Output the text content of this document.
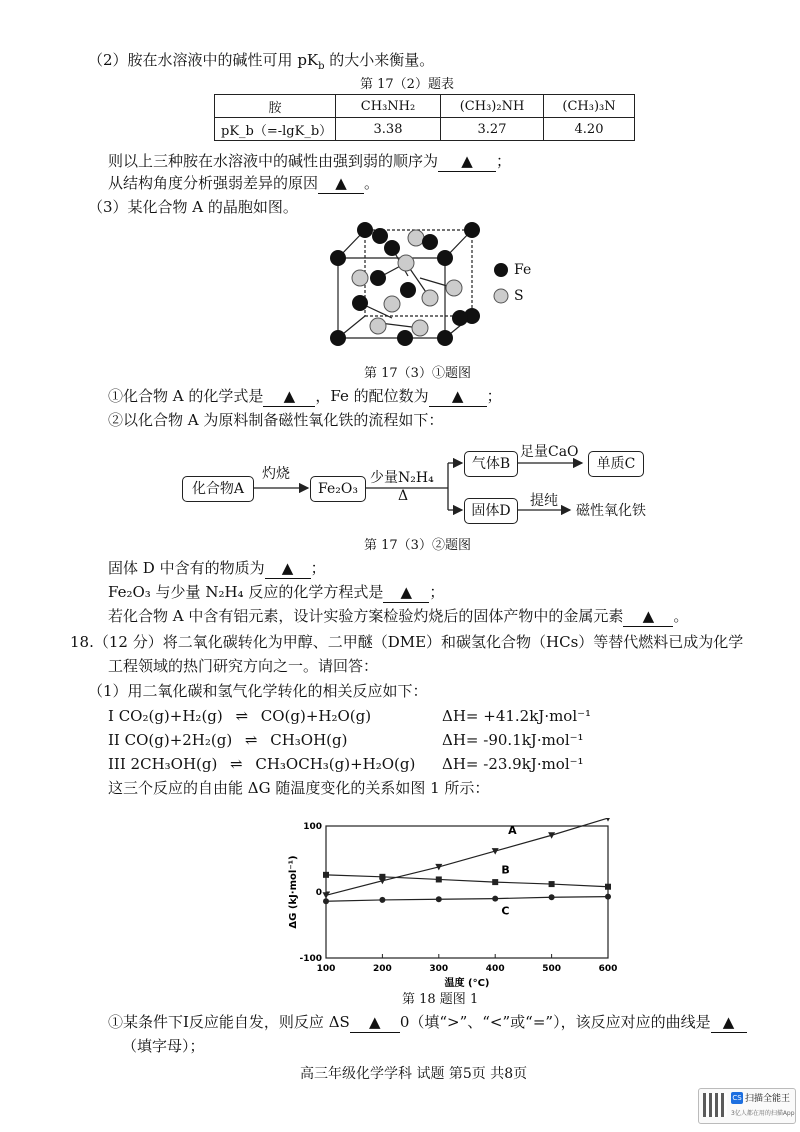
（2）胺在水溶液中的碱性可用 $pK_b$ 的大小来衡量。
第 17（2）题表
胺	CH₃NH₂	(CH₃)₂NH	(CH₃)₃N
pK_b（=-lgK_b）	3.38	3.27	4.20
则以上三种胺在水溶液中的碱性由强到弱的顺序为 ▲ ；
从结构角度分析强弱差异的原因 ▲ 。
（3）某化合物 A 的晶胞如图。
Fe
S
第 17（3）①题图
①化合物 A 的化学式是 ▲ ，Fe 的配位数为 ▲ ；
②以化合物 A 为原料制备磁性氧化铁的流程如下：
化合物A
灼烧
Fe₂O₃
少量N₂H₄
Δ
气体B
足量CaO
单质C
固体D
提纯
磁性氧化铁
第 17（3）②题图
固体 D 中含有的物质为 ▲ ；
Fe₂O₃ 与少量 N₂H₄ 反应的化学方程式是 ▲ ；
若化合物 A 中含有铝元素，设计实验方案检验灼烧后的固体产物中的金属元素 ▲ 。
18.（12 分）将二氧化碳转化为甲醇、二甲醚（DME）和碳氢化合物（HCs）等替代燃料已成为化学
工程领域的热门研究方向之一。请回答：
（1）用二氧化碳和氢气化学转化的相关反应如下：
I CO₂(g)+H₂(g) ⇌ CO(g)+H₂O(g)	ΔH= +41.2kJ·mol⁻¹
II CO(g)+2H₂(g) ⇌ CH₃OH(g)	ΔH= -90.1kJ·mol⁻¹
III 2CH₃OH(g) ⇌ CH₃OCH₃(g)+H₂O(g) ΔH= -23.9kJ·mol⁻¹
这三个反应的自由能 ΔG 随温度变化的关系如图 1 所示：
100	200	300	400	500	600
-100
0
100
温度 (°C)
ΔG (kJ·mol⁻¹)
A
B
C
第 18 题图 1
①某条件下I反应能自发，则反应 ΔS ▲ 0（填“>”、“<”或“=”），该反应对应的曲线是 ▲
（填字母）；
高三年级化学学科 试题 第5页 共8页
CS 扫描全能王
3亿人都在用的扫描App
